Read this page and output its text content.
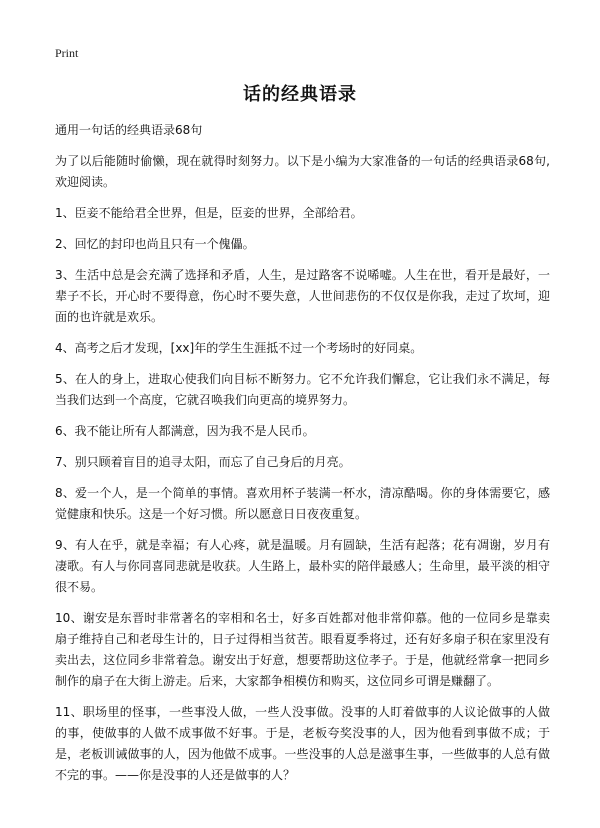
Print
话的经典语录

通用一句话的经典语录68句

为了以后能随时偷懒，现在就得时刻努力。以下是小编为大家准备的一句话的经典语录68句,欢迎阅读。

1、臣妾不能给君全世界，但是，臣妾的世界，全部给君。

2、回忆的封印也尚且只有一个傀儡。

3、生活中总是会充满了选择和矛盾，人生，是过路客不说唏嘘。人生在世，看开是最好，一辈子不长，开心时不要得意，伤心时不要失意，人世间悲伤的不仅仅是你我，走过了坎坷，迎面的也许就是欢乐。

4、高考之后才发现，[xx]年的学生生涯抵不过一个考场时的好同桌。

5、在人的身上，进取心使我们向目标不断努力。它不允许我们懈怠，它让我们永不满足，每当我们达到一个高度，它就召唤我们向更高的境界努力。

6、我不能让所有人都满意，因为我不是人民币。

7、别只顾着盲目的追寻太阳，而忘了自己身后的月亮。

8、爱一个人，是一个简单的事情。喜欢用杯子装满一杯水，清凉酷喝。你的身体需要它，感觉健康和快乐。这是一个好习惯。所以愿意日日夜夜重复。

9、有人在乎，就是幸福；有人心疼，就是温暖。月有圆缺，生活有起落；花有凋谢，岁月有凄歌。有人与你同喜同悲就是收获。人生路上，最朴实的陪伴最感人；生命里，最平淡的相守很不易。

10、谢安是东晋时非常著名的宰相和名士，好多百姓都对他非常仰慕。他的一位同乡是靠卖扇子维持自己和老母生计的，日子过得相当贫苦。眼看夏季将过，还有好多扇子积在家里没有卖出去，这位同乡非常着急。谢安出于好意，想要帮助这位孝子。于是，他就经常拿一把同乡制作的扇子在大街上游走。后来，大家都争相模仿和购买，这位同乡可谓是赚翻了。

11、职场里的怪事，一些事没人做，一些人没事做。没事的人盯着做事的人议论做事的人做的事，使做事的人做不成事做不好事。于是，老板夸奖没事的人，因为他看到事做不成；于是，老板训诫做事的人，因为他做不成事。一些没事的人总是滋事生事，一些做事的人总有做不完的事。——你是没事的人还是做事的人？
